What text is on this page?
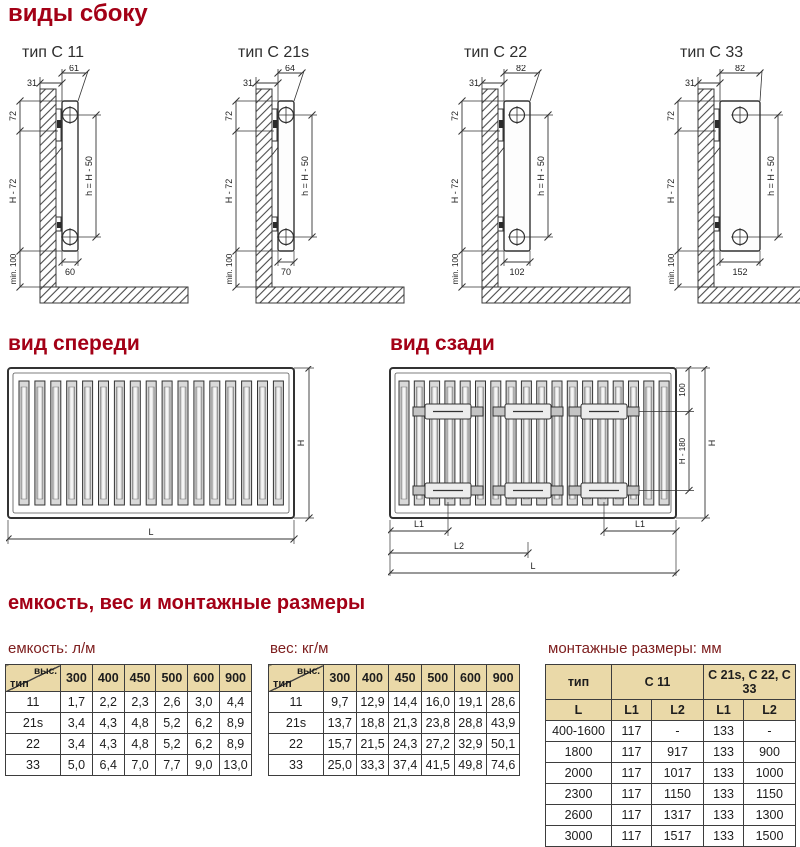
виды сбоку
тип С 11
31
61
72
H - 72
min. 100
h = H - 50
60
тип С 21s
31
64
72
H - 72
min. 100
h = H - 50
70
тип С 22
31
82
72
H - 72
min. 100
h = H - 50
102
тип С 33
31
82
72
H - 72
min. 100
h = H - 50
152
вид спереди	вид сзади
H
L
100
H - 180 H
L1	L1
L2
L
емкость, вес и монтажные размеры
емкость: л/м	вес: кг/м	монтажные размеры: мм
выс.
тип	300	400	450	500	600	900
11	1,7	2,2	2,3	2,6	3,0	4,4
21s	3,4	4,3	4,8	5,2	6,2	8,9
22	3,4	4,3	4,8	5,2	6,2	8,9
33	5,0	6,4	7,0	7,7	9,0	13,0
выс.
тип	300	400	450	500	600	900
11	9,7	12,9	14,4	16,0	19,1	28,6
21s	13,7	18,8	21,3	23,8	28,8	43,9
22	15,7	21,5	24,3	27,2	32,9	50,1
33	25,0	33,3	37,4	41,5	49,8	74,6
тип	С 11		С 21s, С 22, С 33	
L	L1	L2	L1	L2
400-1600	117	-	133	-
1800	117	917	133	900
2000	117	1017	133	1000
2300	117	1150	133	1150
2600	117	1317	133	1300
3000	117	1517	133	1500
